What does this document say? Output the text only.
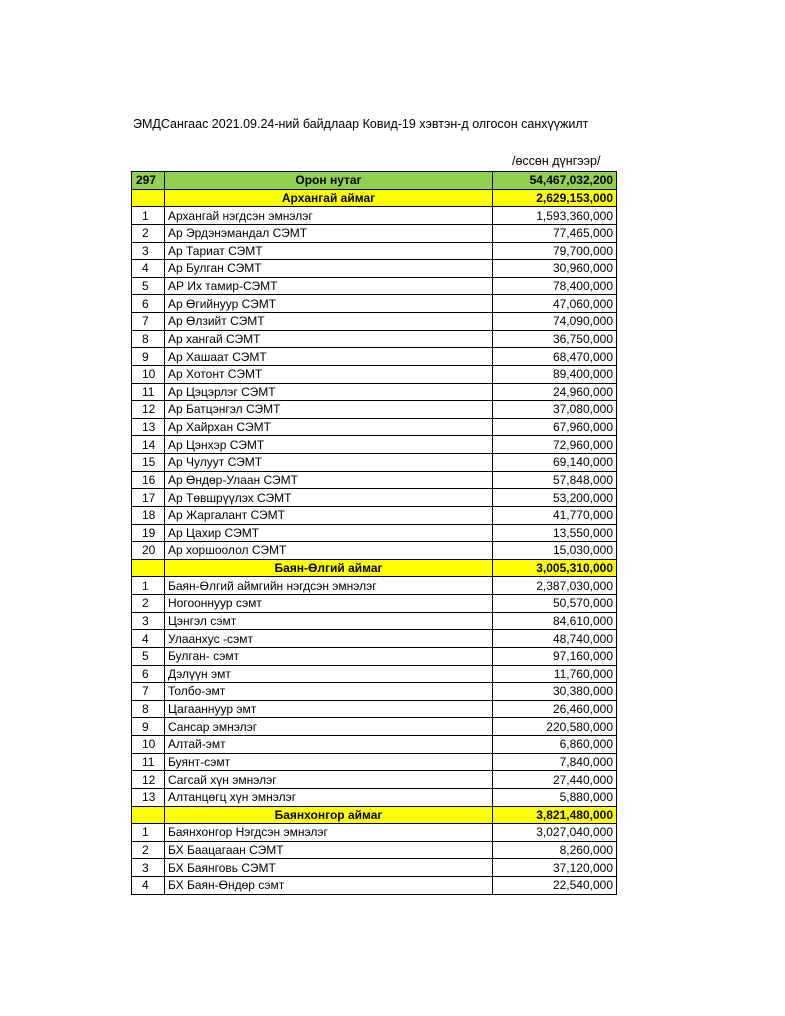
ЭМДСангаас 2021.09.24-ний байдлаар Ковид-19 хэвтэн-д олгосон санхүүжилт
/өссөн дүнгээр/
297	Орон нутаг	54,467,032,200
	Архангай аймаг	2,629,153,000
1	Архангай нэгдсэн эмнэлэг	1,593,360,000
2	Ар Эрдэнэмандал СЭМТ	77,465,000
3	Ар Тариат СЭМТ	79,700,000
4	Ар Булган СЭМТ	30,960,000
5	АР Их тамир-СЭМТ	78,400,000
6	Ар Өгийнуур СЭМТ	47,060,000
7	Ар Өлзийт СЭМТ	74,090,000
8	Ар хангай СЭМТ	36,750,000
9	Ар Хашаат СЭМТ	68,470,000
10	Ар Хотонт СЭМТ	89,400,000
11	Ар Цэцэрлэг СЭМТ	24,960,000
12	Ар Батцэнгэл СЭМТ	37,080,000
13	Ар Хайрхан СЭМТ	67,960,000
14	Ар Цэнхэр СЭМТ	72,960,000
15	Ар Чулуут СЭМТ	69,140,000
16	Ар Өндөр-Улаан СЭМТ	57,848,000
17	Ар Төвшрүүлэх СЭМТ	53,200,000
18	Ар Жаргалант СЭМТ	41,770,000
19	Ар Цахир СЭМТ	13,550,000
20	Ар хоршоолол СЭМТ	15,030,000
	Баян-Өлгий аймаг	3,005,310,000
1	Баян-Өлгий аймгийн нэгдсэн эмнэлэг	2,387,030,000
2	Ногооннуур сэмт	50,570,000
3	Цэнгэл сэмт	84,610,000
4	Улаанхус -сэмт	48,740,000
5	Булган- сэмт	97,160,000
6	Дэлүүн эмт	11,760,000
7	Толбо-эмт	30,380,000
8	Цагааннуур эмт	26,460,000
9	Сансар эмнэлэг	220,580,000
10	Алтай-эмт	6,860,000
11	Буянт-сэмт	7,840,000
12	Сагсай хүн эмнэлэг	27,440,000
13	Алтанцөгц хүн эмнэлэг	5,880,000
	Баянхонгор аймаг	3,821,480,000
1	Баянхонгор Нэгдсэн эмнэлэг	3,027,040,000
2	БХ Баацагаан СЭМТ	8,260,000
3	БХ Баянговь СЭМТ	37,120,000
4	БХ Баян-Өндөр сэмт	22,540,000
